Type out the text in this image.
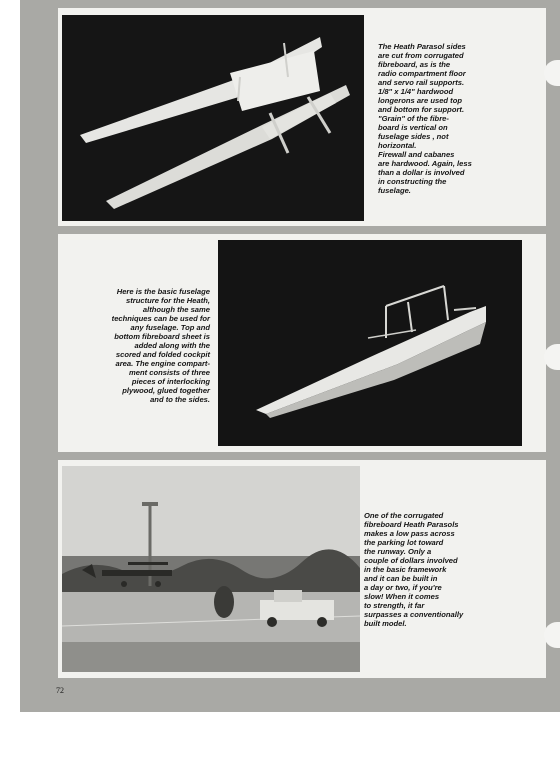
The Heath Parasol sides
are cut from corrugated
fibreboard, as is the
radio compartment floor
and servo rail supports.
1/8" x 1/4" hardwood
longerons are used top
and bottom for support.
"Grain" of the fibre-
board is vertical on
fuselage sides , not
horizontal.
Firewall and cabanes
are hardwood. Again, less
than a dollar is involved
in constructing the
fuselage.
Here is the basic fuselage
structure for the Heath,
although the same
techniques can be used for
any fuselage. Top and
bottom fibreboard sheet is
added along with the
scored and folded cockpit
area. The engine compart-
ment consists of three
pieces of interlocking
plywood, glued together
and to the sides.
One of the corrugated
fibreboard Heath Parasols
makes a low pass across
the parking lot toward
the runway. Only a
couple of dollars involved
in the basic framework
and it can be built in
a day or two, if you're
slow! When it comes
to strength, it far
surpasses a conventionally
built model.
72
